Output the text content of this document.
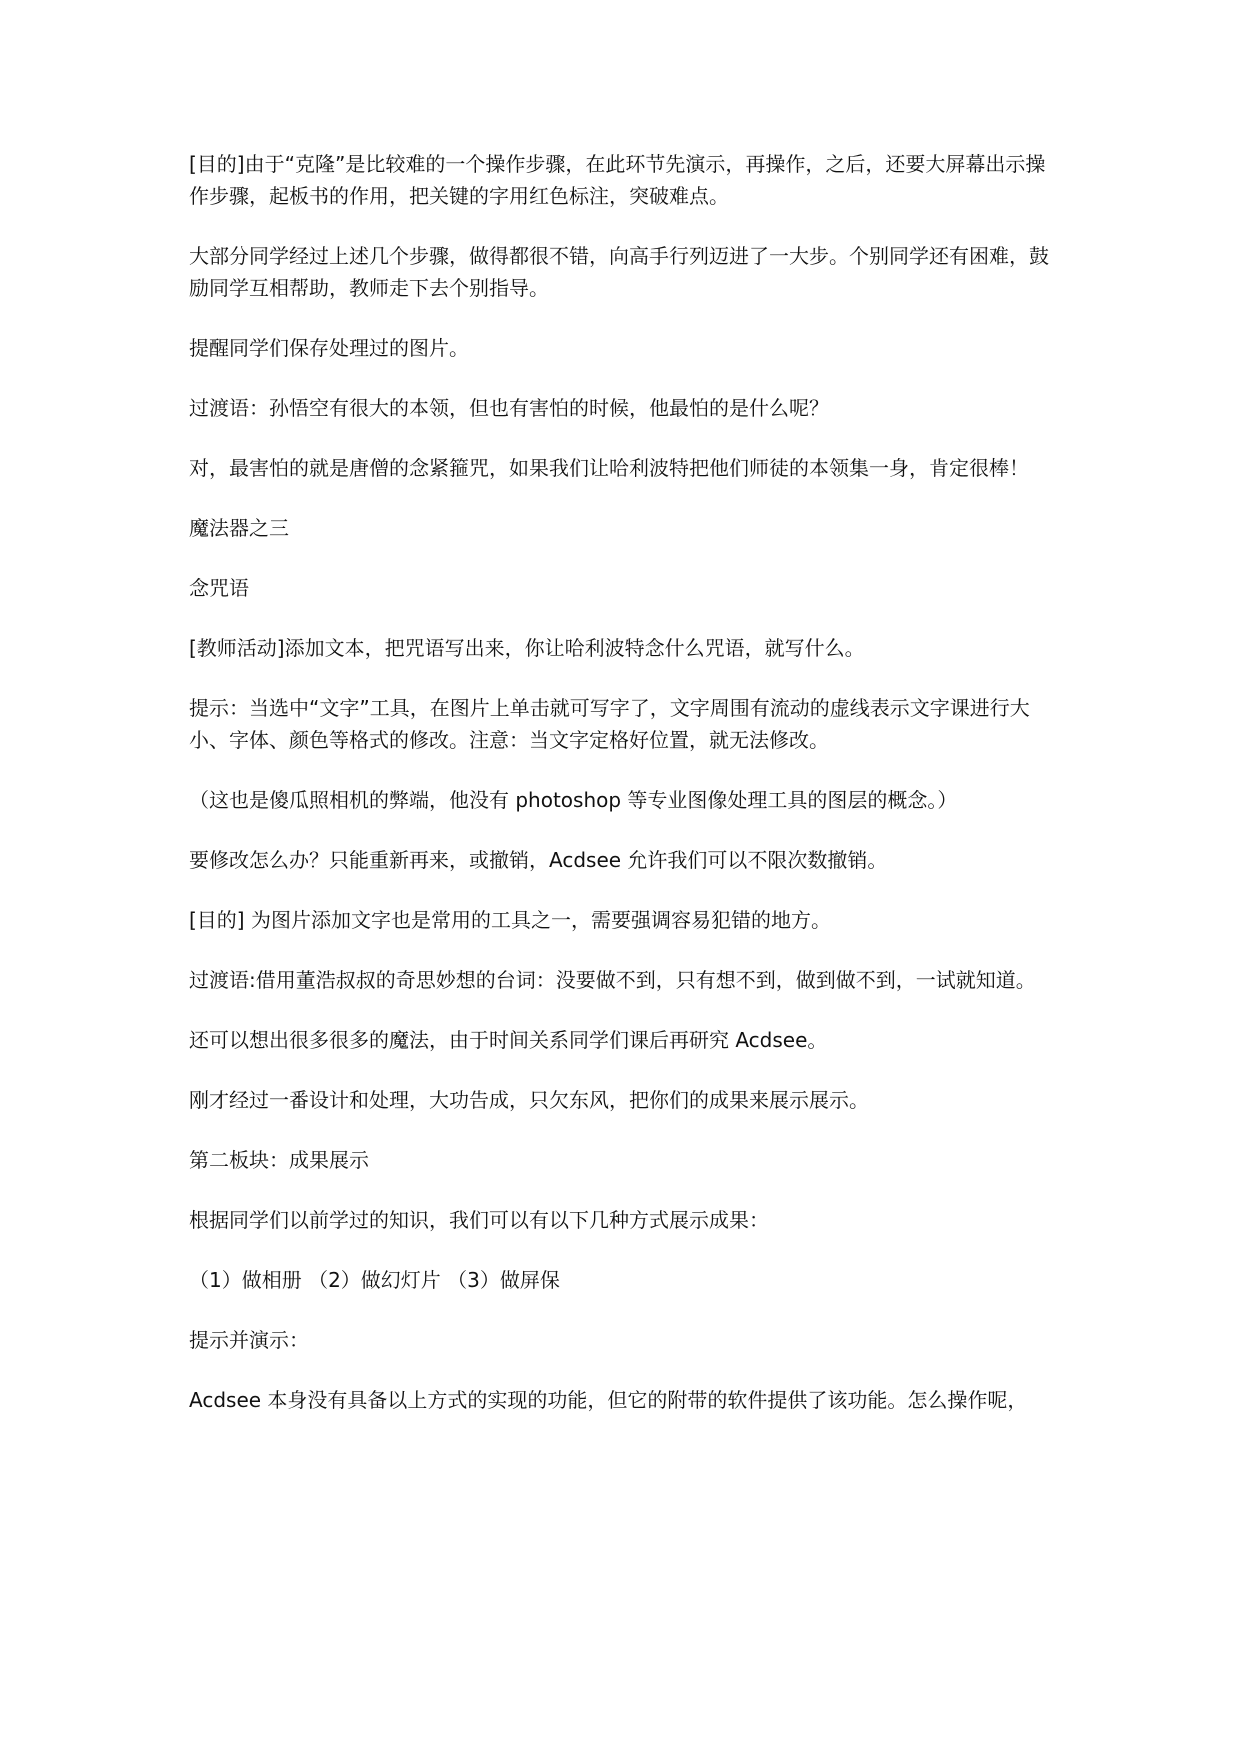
[目的]由于“克隆”是比较难的一个操作步骤，在此环节先演示，再操作，之后，还要大屏幕出示操作步骤，起板书的作用，把关键的字用红色标注，突破难点。

大部分同学经过上述几个步骤，做得都很不错，向高手行列迈进了一大步。个别同学还有困难，鼓励同学互相帮助，教师走下去个别指导。

提醒同学们保存处理过的图片。

过渡语：孙悟空有很大的本领，但也有害怕的时候，他最怕的是什么呢？

对，最害怕的就是唐僧的念紧箍咒，如果我们让哈利波特把他们师徒的本领集一身，肯定很棒！

魔法器之三

念咒语

[教师活动]添加文本，把咒语写出来，你让哈利波特念什么咒语，就写什么。

提示：当选中“文字”工具，在图片上单击就可写字了，文字周围有流动的虚线表示文字课进行大小、字体、颜色等格式的修改。注意：当文字定格好位置，就无法修改。

（这也是傻瓜照相机的弊端，他没有 photoshop 等专业图像处理工具的图层的概念。）

要修改怎么办？只能重新再来，或撤销，Acdsee 允许我们可以不限次数撤销。

[目的] 为图片添加文字也是常用的工具之一，需要强调容易犯错的地方。

过渡语:借用董浩叔叔的奇思妙想的台词：没要做不到，只有想不到，做到做不到，一试就知道。

还可以想出很多很多的魔法，由于时间关系同学们课后再研究 Acdsee。

刚才经过一番设计和处理，大功告成，只欠东风，把你们的成果来展示展示。

第二板块：成果展示

根据同学们以前学过的知识，我们可以有以下几种方式展示成果：

（1）做相册 （2）做幻灯片 （3）做屏保

提示并演示：

Acdsee 本身没有具备以上方式的实现的功能，但它的附带的软件提供了该功能。怎么操作呢，
